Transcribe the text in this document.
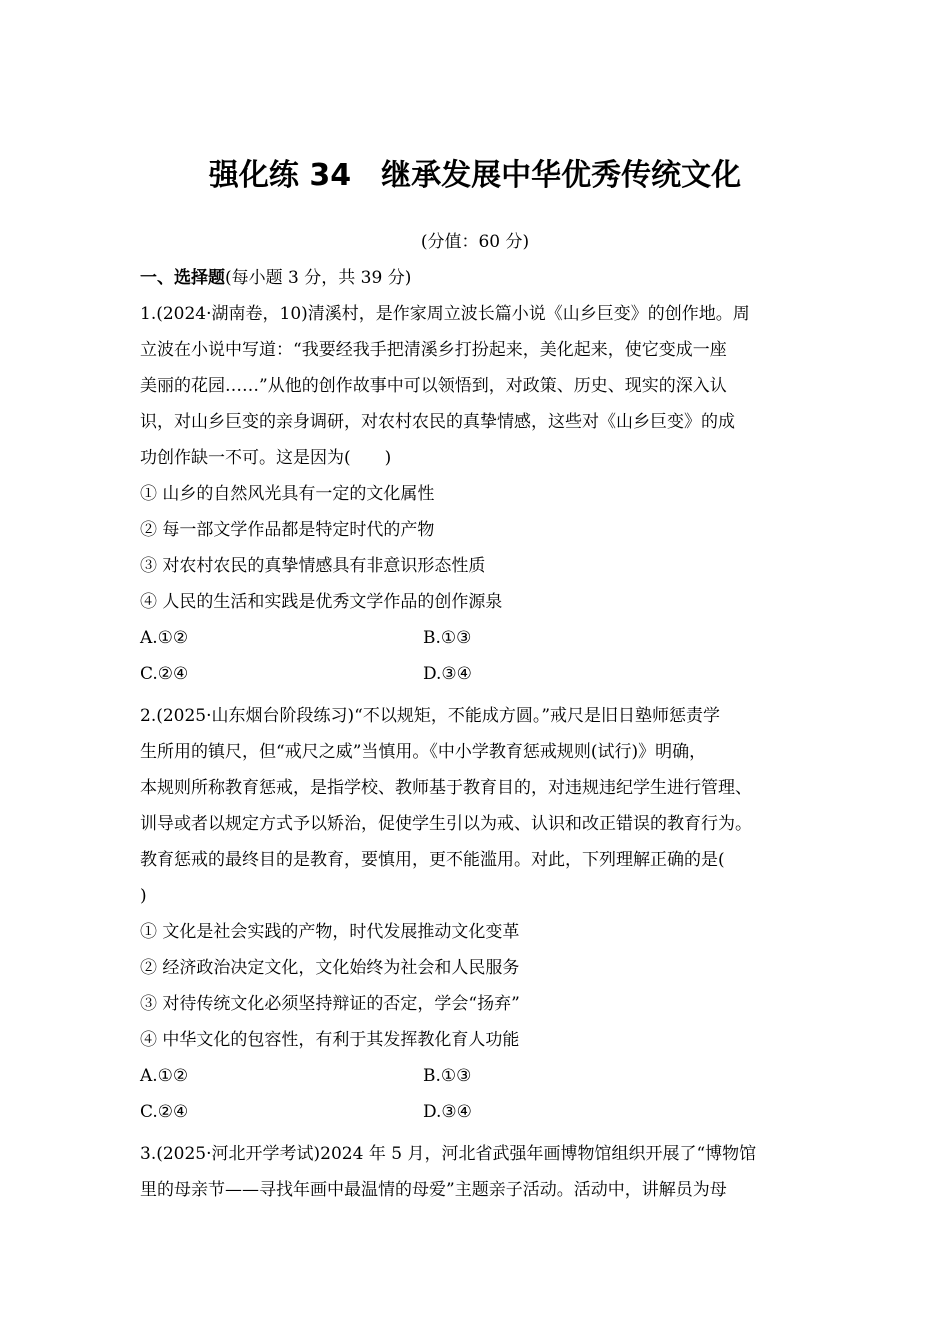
强化练 34　继承发展中华优秀传统文化
(分值：60 分)
一、选择题(每小题 3 分，共 39 分)
1.(2024·湖南卷，10)清溪村，是作家周立波长篇小说《山乡巨变》的创作地。周
立波在小说中写道：“我要经我手把清溪乡打扮起来，美化起来，使它变成一座
美丽的花园……”从他的创作故事中可以领悟到，对政策、历史、现实的深入认
识，对山乡巨变的亲身调研，对农村农民的真挚情感，这些对《山乡巨变》的成
功创作缺一不可。这是因为(　　)
① 山乡的自然风光具有一定的文化属性
② 每一部文学作品都是特定时代的产物
③ 对农村农民的真挚情感具有非意识形态性质
④ 人民的生活和实践是优秀文学作品的创作源泉
A.①②	B.①③
C.②④	D.③④
2.(2025·山东烟台阶段练习)“不以规矩，不能成方圆。”戒尺是旧日塾师惩责学
生所用的镇尺，但“戒尺之威”当慎用。《中小学教育惩戒规则(试行)》明确，
本规则所称教育惩戒，是指学校、教师基于教育目的，对违规违纪学生进行管理、
训导或者以规定方式予以矫治，促使学生引以为戒、认识和改正错误的教育行为。
教育惩戒的最终目的是教育，要慎用，更不能滥用。对此，下列理解正确的是(
)
① 文化是社会实践的产物，时代发展推动文化变革
② 经济政治决定文化，文化始终为社会和人民服务
③ 对待传统文化必须坚持辩证的否定，学会“扬弃”
④ 中华文化的包容性，有利于其发挥教化育人功能
A.①②	B.①③
C.②④	D.③④
3.(2025·河北开学考试)2024 年 5 月，河北省武强年画博物馆组织开展了“博物馆
里的母亲节——寻找年画中最温情的母爱”主题亲子活动。活动中，讲解员为母
